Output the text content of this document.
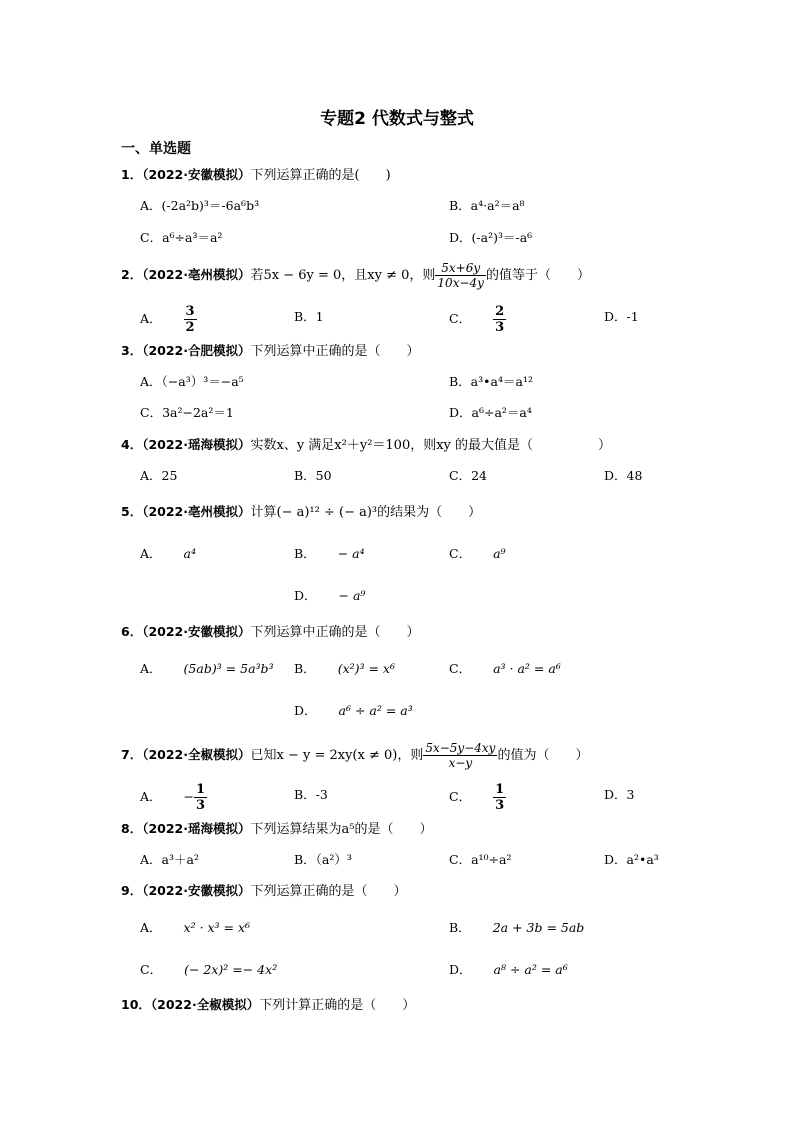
专题2 代数式与整式
一、单选题
1．（2022·安徽模拟）下列运算正确的是(　　)
A．(-2a²b)³＝-6a⁶b³	B．a⁴·a²＝a⁸
C．a⁶÷a³＝a²	D．(-a²)³＝-a⁶
2．（2022·亳州模拟）若5x − 6y = 0，且xy ≠ 0，则 $\frac{5x+6y}{10x-4y}$ 的值等于（　　）
A． $\frac{3}{2}$	B．1	C． $\frac{2}{3}$	D．-1
3．（2022·合肥模拟）下列运算中正确的是（　　）
A．（−a³）³＝−a⁵	B．a³•a⁴＝a¹²
C．3a²−2a²＝1	D．a⁶÷a²＝a⁴
4．（2022·瑶海模拟）实数x、y 满足x²＋y²＝100，则xy 的最大值是（　　　　　）
A．25	B．50	C．24	D．48
5．（2022·亳州模拟）计算(− a)¹² ÷ (− a)³的结果为（　　）
A． a⁴	B． − a⁴	C． a⁹
D． − a⁹
6．（2022·安徽模拟）下列运算中正确的是（　　）
A． (5ab)³ = 5a³b³ B． (x²)³ = x⁶	C． a³ · a² = a⁶
D． a⁶ ÷ a² = a³
7．（2022·全椒模拟）已知x − y = 2xy(x ≠ 0)，则 $\frac{5x-5y-4xy}{x-y}$ 的值为（　　）
A． − $\frac{1}{3}$	B．-3	C． $\frac{1}{3}$	D．3
8．（2022·瑶海模拟）下列运算结果为a⁵的是（　　）
A．a³＋a²	B．（a²）³	C．a¹⁰÷a²	D．a²•a³
9．（2022·安徽模拟）下列运算正确的是（　　）
A． x² · x³ = x⁶	B． 2a + 3b = 5ab
C． (− 2x)² =− 4x²	D． a⁸ ÷ a² = a⁶
10．（2022·全椒模拟）下列计算正确的是（　　）
